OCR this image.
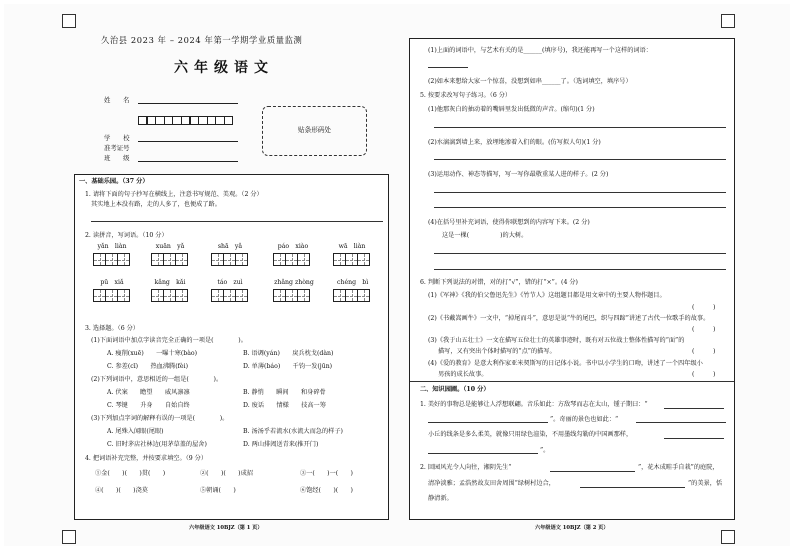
久治县 2023 年 – 2024 年第一学期学业质量监测
六年级语文
姓　　名
准考证号
学　　校
班　　级
贴条形码处
一、基础乐园。（37 分）
1. 请将下面的句子抄写在横线上，注意书写规范、美观。（2 分）
其实地上本没有路，走的人多了，也便成了路。
2. 读拼音，写词语。（10 分）
yǎn　liàn	xuān　yǎ	shā　yǎ	páo　xiào	wā　liàn
pū　xiǎ	kǎng　kǎi	táo　zuì	zhǎng zhòng	chéng　bì
3. 选择题。（6 分）
(1)下面词语中加点字读音完全正确的一项是(　　　　)。
A. 瘦削(xuē)　　一曝十寒(bào)	B. 语调(yán)　　戾兵枕戈(dàn)
C. 参差(cī)　　热血沸腾(fèi)	D. 单薄(báo)　　千钧一发(jūn)
(2)下列词语中，意思相近的一组是(　　　　)。
A. 伏案　　瞻望　　威风凛凛	B. 静悄　　瞬间　　和身碎骨
C. 琴键　　升身　　自始自终	D. 废话　　情様　　技高一筹
(3)下列加点字词的解释有误的一项是(　　　　)。
A. 尾殊入闻眼(尾眼)	B. 汤汤乎若流水(水流大而急的样子)
C. 旧时茅店社林边(用茅草盖的屋舍)	D. 两山排闼送青来(推开门)
4. 把词语补充完整，并按要求填空。（9 分）
①金(　　)(　　)贯(　　)	②(　　)(　　)成招	③一(　　)一(　　)
④(　　)(　　)浇莫	⑤朝诵(　　)	⑥饱经(　　)(　　)
六年级语文 10BJZ（第 1 页）
(1)上面的词语中，与艺术有关的是______(填序号)，我还能再写一个这样的词语：
(2)如本来想给大家一个惊喜，没想到如串______了。（选词填空，填序号）
5. 按要求改写句子练习。（6 分）
(1)他那灰白的抽动着的嘴唇里发出低微的声音。(缩句)(1 分)
(2)水漓漓到墙上来，放埋地渗着入们的眼。(仿写拟人句)(1 分)
(3)运用动作、神态等描写，写一写你最敬重某人进的样子。(2 分)
(4)在括号里补充词语，使得你联想到的内容写下来。(2 分)
这是一棵(　　　　　)的大树。
6. 判断下列说法的对错，对的打“√”，错的打“×”。(4 分)
(1)《军神》《我的伯父鲁迅先生》《竹节人》这组题目都是用文章中的主要人物作题目。
(　　　)
(2)《书戴嵩画牛》一文中，“掉尾而斗”，意思是说“牛的尾巴，织与四蹄”讲述了古代一位歌手的故事。
(　　　)
(3)《我于山五壮士》一文在描写五位壮士的英雄事迹时，既有对五位战士整体性描写的“面”的
描写，又有突出个体时描写的“点”的描写。	(　　　)
(4)《爱的教育》是意大利作家亚米契斯写的日记体小说。书中以小学生的口吻，讲述了一个四年级小
男孩的成长故事。	(　　　)
二、知识园圃。（10 分）
1. 美好的事物总是能够让人浮想联翩。音乐如此：方敌琴而志在太山，锺子期曰：“
”。奇丽的景色也如此：“
小丘的线条是多么柔美，就像只用绿色渲染，不用墨线勾勒的中国画那样，
”。
2. 回园风光令人向往，湘阴先生“	”，花木成畦手自栽”的庭院，
清净淡雅；孟浩然故友田舍周围“绿树村边合，	”的美景，恬
静清新。
六年级语文 10BJZ（第 2 页）
